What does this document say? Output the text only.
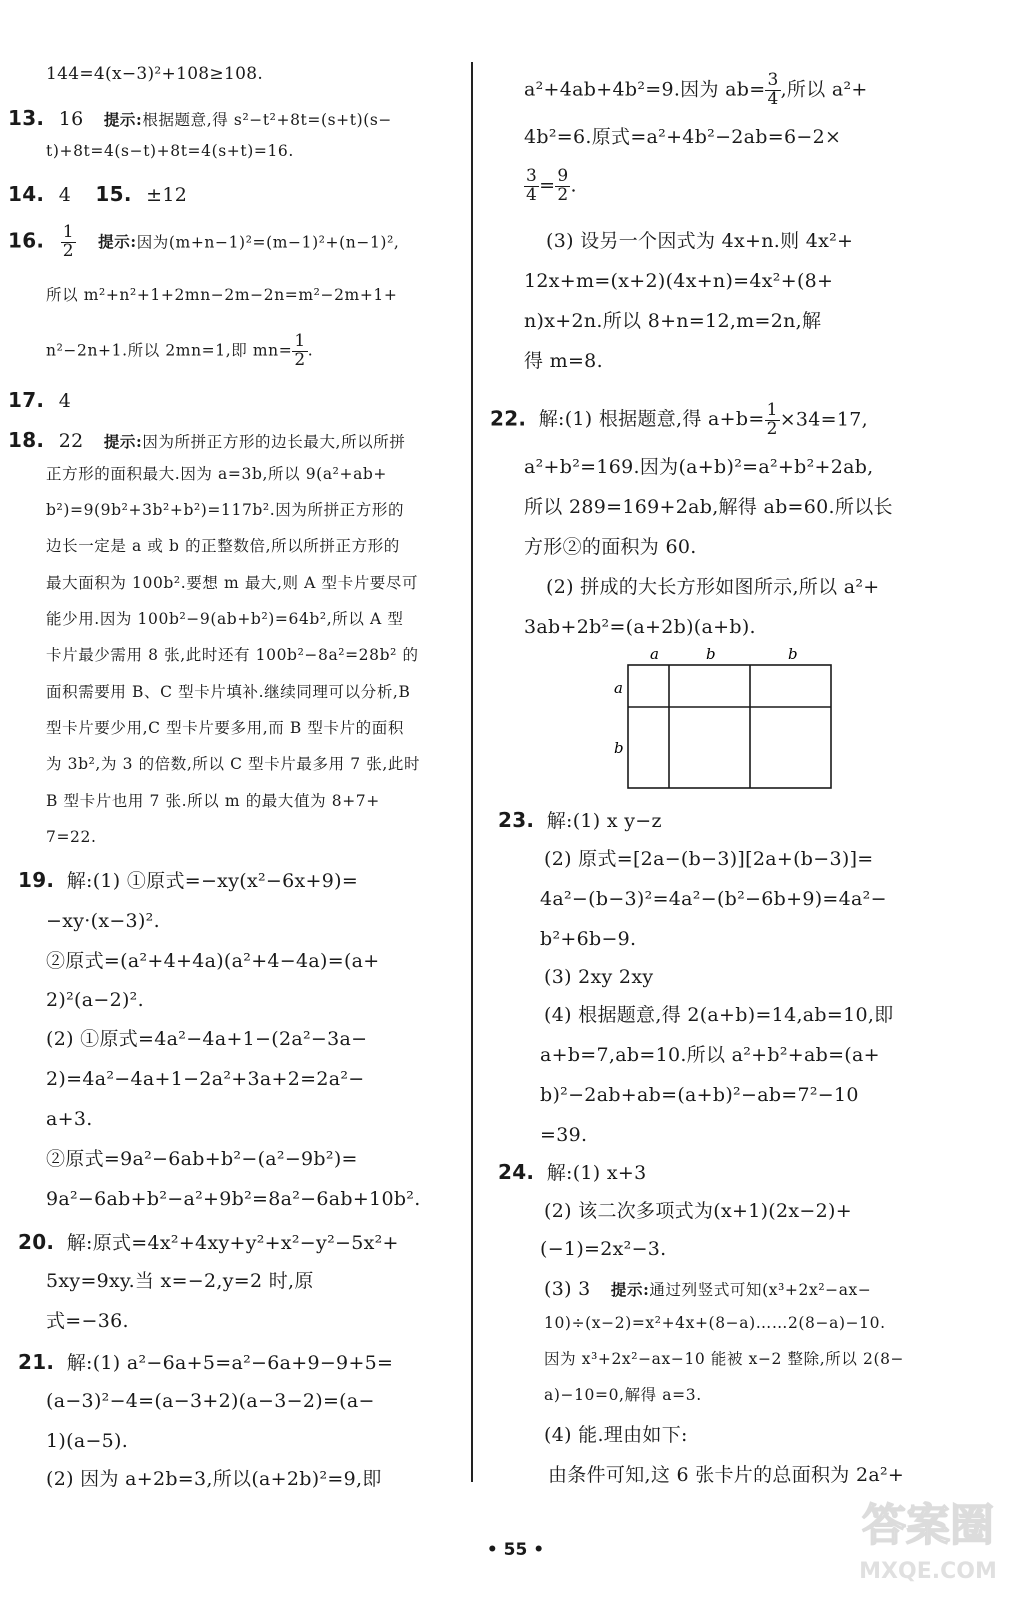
144=4(x−3)²+108≥108.
13. 16 提示:根据题意,得 s²−t²+8t=(s+t)(s−
t)+8t=4(s−t)+8t=4(s+t)=16.
14. 4 15. ±12
16. $\frac{1}{2}$ 提示:因为(m+n−1)²=(m−1)²+(n−1)²,
所以 m²+n²+1+2mn−2m−2n=m²−2m+1+
n²−2n+1.所以 2mn=1,即 $mn= \frac{1}{2}$ .
17. 4
18. 22 提示:因为所拼正方形的边长最大,所以所拼
正方形的面积最大.因为 a=3b,所以 9(a²+ab+
b²)=9(9b²+3b²+b²)=117b².因为所拼正方形的
边长一定是 a 或 b 的正整数倍,所以所拼正方形的
最大面积为 100b².要想 m 最大,则 A 型卡片要尽可
能少用.因为 100b²−9(ab+b²)=64b²,所以 A 型
卡片最少需用 8 张,此时还有 100b²−8a²=28b² 的
面积需要用 B、C 型卡片填补.继续同理可以分析,B
型卡片要少用,C 型卡片要多用,而 B 型卡片的面积
为 3b²,为 3 的倍数,所以 C 型卡片最多用 7 张,此时
B 型卡片也用 7 张.所以 m 的最大值为 8+7+
7=22.
19. 解:(1) ①原式=−xy(x²−6x+9)=
−xy·(x−3)².
②原式=(a²+4+4a)(a²+4−4a)=(a+
2)²(a−2)².
(2) ①原式=4a²−4a+1−(2a²−3a−
2)=4a²−4a+1−2a²+3a+2=2a²−
a+3.
②原式=9a²−6ab+b²−(a²−9b²)=
9a²−6ab+b²−a²+9b²=8a²−6ab+10b².
20. 解:原式=4x²+4xy+y²+x²−y²−5x²+
5xy=9xy.当 x=−2,y=2 时,原
式=−36.
21. 解:(1) a²−6a+5=a²−6a+9−9+5=
(a−3)²−4=(a−3+2)(a−3−2)=(a−
1)(a−5).
(2) 因为 a+2b=3,所以(a+2b)²=9,即
a²+4ab+4b²=9.因为 $ab= \frac{3}{4}$ ,所以 a²+
4b²=6.原式=a²+4b²−2ab=6−2×
$\frac{3}{4} = \frac{9}{2}$ .
(3) 设另一个因式为 4x+n.则 4x²+
12x+m=(x+2)(4x+n)=4x²+(8+
n)x+2n.所以 8+n=12,m=2n,解
得 m=8.
22. 解:(1) 根据题意,得 $a+b= \frac{1}{2} \times 34=17$,
a²+b²=169.因为(a+b)²=a²+b²+2ab,
所以 289=169+2ab,解得 ab=60.所以长
方形②的面积为 60.
(2) 拼成的大长方形如图所示,所以 a²+
3ab+2b²=(a+2b)(a+b).
a	b	b
a
b
23. 解:(1) x y−z
(2) 原式=[2a−(b−3)][2a+(b−3)]=
4a²−(b−3)²=4a²−(b²−6b+9)=4a²−
b²+6b−9.
(3) 2xy 2xy
(4) 根据题意,得 2(a+b)=14,ab=10,即
a+b=7,ab=10.所以 a²+b²+ab=(a+
b)²−2ab+ab=(a+b)²−ab=7²−10
=39.
24. 解:(1) x+3
(2) 该二次多项式为(x+1)(2x−2)+
(−1)=2x²−3.
(3) 3 提示:通过列竖式可知(x³+2x²−ax−
10)÷(x−2)=x²+4x+(8−a)……2(8−a)−10.
因为 x³+2x²−ax−10 能被 x−2 整除,所以 2(8−
a)−10=0,解得 a=3.
(4) 能.理由如下:
由条件可知,这 6 张卡片的总面积为 2a²+
• 55 •	答案圈
MXQE.COM
